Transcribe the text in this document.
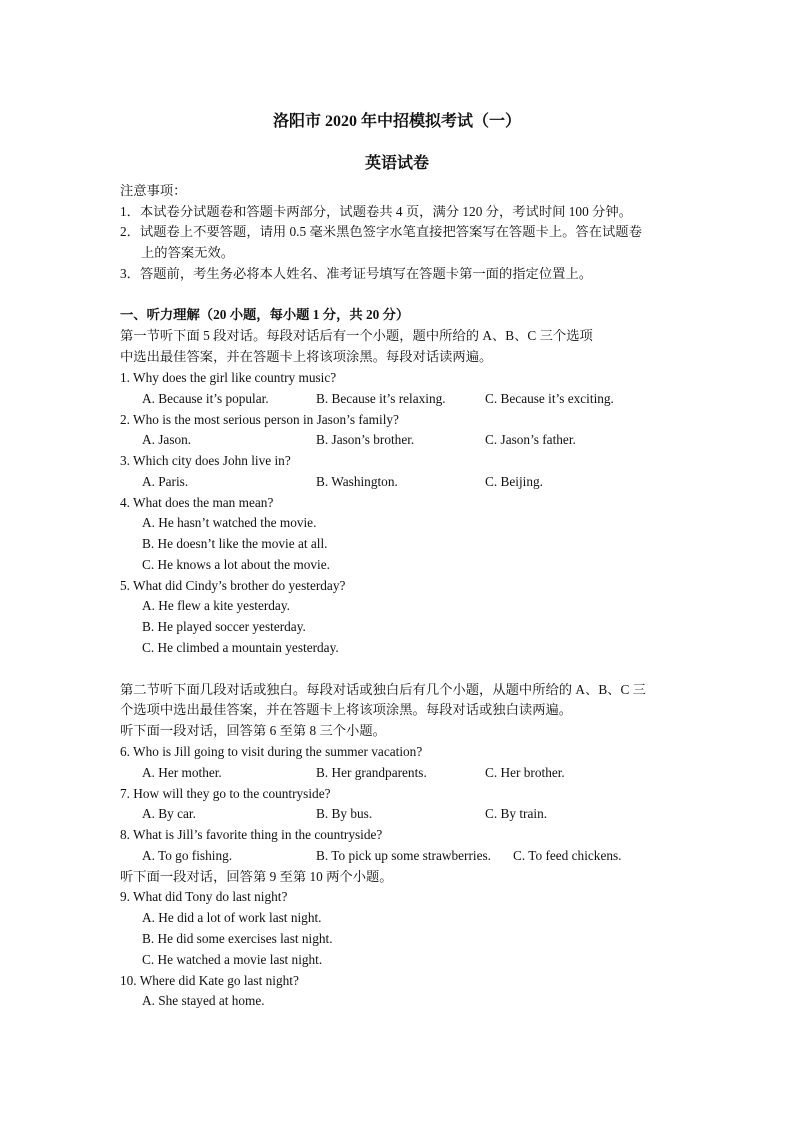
洛阳市 2020 年中招模拟考试（一）
英语试卷
注意事项：
1．本试卷分试题卷和答题卡两部分，试题卷共 4 页，满分 120 分，考试时间 100 分钟。
2．试题卷上不要答题，请用 0.5 毫米黑色签字水笔直接把答案写在答题卡上。答在试题卷
上的答案无效。
3．答题前，考生务必将本人姓名、准考证号填写在答题卡第一面的指定位置上。
一、听力理解（20 小题，每小题 1 分，共 20 分）
第一节听下面 5 段对话。每段对话后有一个小题，题中所给的 A、B、C 三个选项
中选出最佳答案，并在答题卡上将该项涂黑。每段对话读两遍。
1. Why does the girl like country music?
A. Because it’s popular.	B. Because it’s relaxing.	C. Because it’s exciting.
2. Who is the most serious person in Jason’s family?
A. Jason.	B. Jason’s brother.	C. Jason’s father.
3. Which city does John live in?
A. Paris.	B. Washington.	C. Beijing.
4. What does the man mean?
A. He hasn’t watched the movie.
B. He doesn’t like the movie at all.
C. He knows a lot about the movie.
5. What did Cindy’s brother do yesterday?
A. He flew a kite yesterday.
B. He played soccer yesterday.
C. He climbed a mountain yesterday.
第二节听下面几段对话或独白。每段对话或独白后有几个小题，从题中所给的 A、B、C 三
个选项中选出最佳答案，并在答题卡上将该项涂黑。每段对话或独白读两遍。
听下面一段对话，回答第 6 至第 8 三个小题。
6. Who is Jill going to visit during the summer vacation?
A. Her mother.	B. Her grandparents.	C. Her brother.
7. How will they go to the countryside?
A. By car.	B. By bus.	C. By train.
8. What is Jill’s favorite thing in the countryside?
A. To go fishing.	B. To pick up some strawberries. C. To feed chickens.
听下面一段对话，回答第 9 至第 10 两个小题。
9. What did Tony do last night?
A. He did a lot of work last night.
B. He did some exercises last night.
C. He watched a movie last night.
10. Where did Kate go last night?
A. She stayed at home.
